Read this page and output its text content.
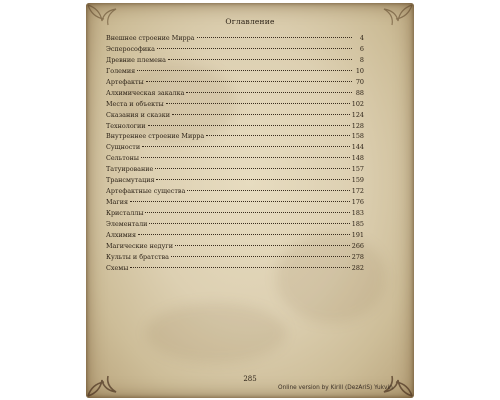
Оглавление
Внешнее строение Мирра	4
Эсперософика	6
Древние племена	8
Големия	10
Артефакты	70
Алхимическая закалка	88
Места и объекты	102
Сказания и сказки	124
Технологии	128
Внутреннее строение Мирра	158
Сущности	144
Сельтоны	148
Татуирование	157
Трансмутация	159
Артефактные существа	172
Магия	176
Кристаллы	183
Элементали	185
Алхимия	191
Магические недуги	266
Культы и братства	278
Схемы	282
285
Online version by Kirill (DezAriS) Yukvin
